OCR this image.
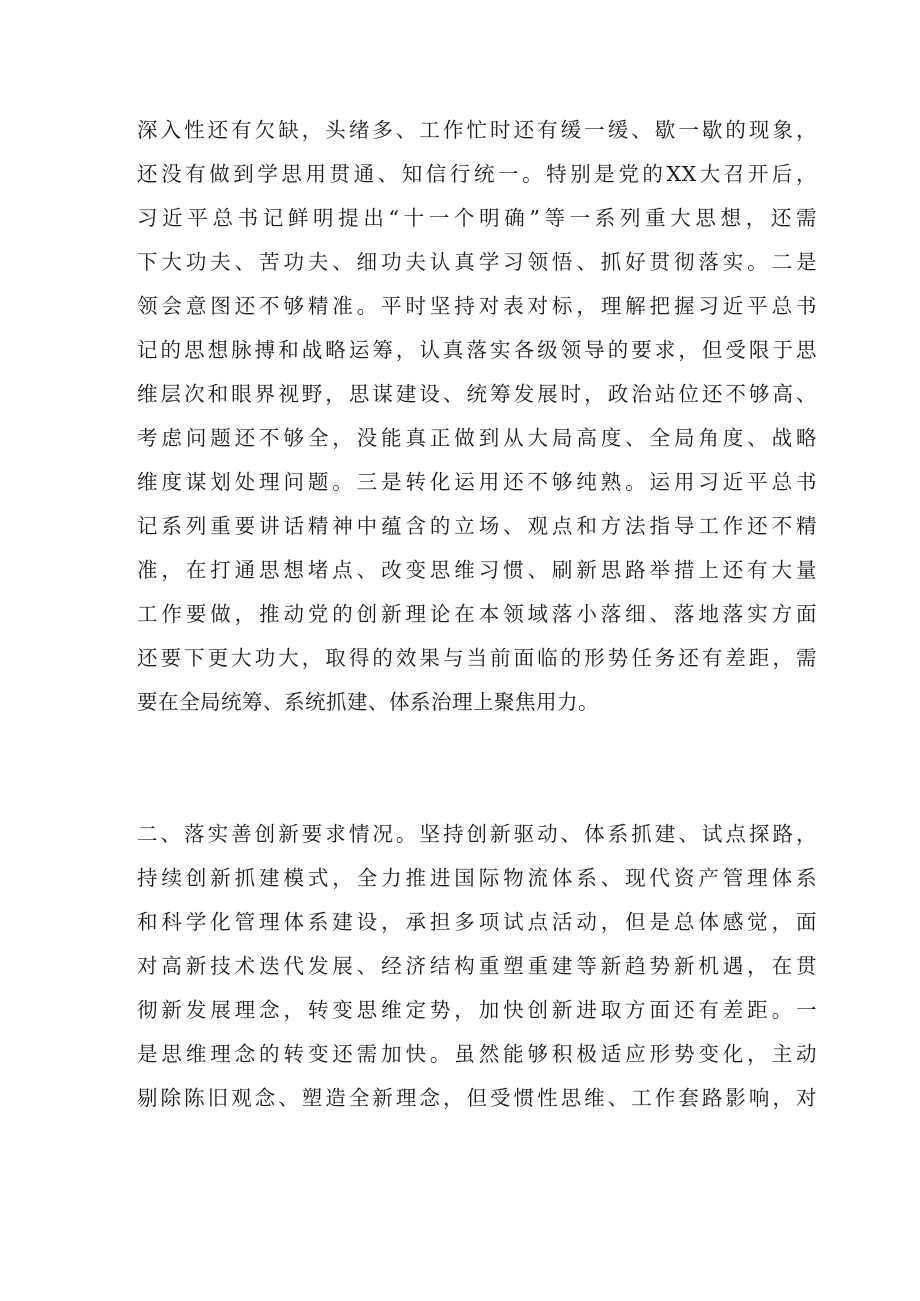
深入性还有欠缺，头绪多、工作忙时还有缓一缓、歇一歇的现象，
还没有做到学思用贯通、知信行统一。特别是党的XX大召开后，
习近平总书记鲜明提出“十一个明确”等一系列重大思想，还需
下大功夫、苦功夫、细功夫认真学习领悟、抓好贯彻落实。二是
领会意图还不够精准。平时坚持对表对标，理解把握习近平总书
记的思想脉搏和战略运筹，认真落实各级领导的要求，但受限于思
维层次和眼界视野，思谋建设、统筹发展时，政治站位还不够高、
考虑问题还不够全，没能真正做到从大局高度、全局角度、战略
维度谋划处理问题。三是转化运用还不够纯熟。运用习近平总书
记系列重要讲话精神中蕴含的立场、观点和方法指导工作还不精
准，在打通思想堵点、改变思维习惯、刷新思路举措上还有大量
工作要做，推动党的创新理论在本领域落小落细、落地落实方面
还要下更大功大，取得的效果与当前面临的形势任务还有差距，需
要在全局统筹、系统抓建、体系治理上聚焦用力。
二、落实善创新要求情况。坚持创新驱动、体系抓建、试点探路，
持续创新抓建模式，全力推进国际物流体系、现代资产管理体系
和科学化管理体系建设，承担多项试点活动，但是总体感觉，面
对高新技术迭代发展、经济结构重塑重建等新趋势新机遇，在贯
彻新发展理念，转变思维定势，加快创新进取方面还有差距。一
是思维理念的转变还需加快。虽然能够积极适应形势变化，主动
剔除陈旧观念、塑造全新理念，但受惯性思维、工作套路影响，对
